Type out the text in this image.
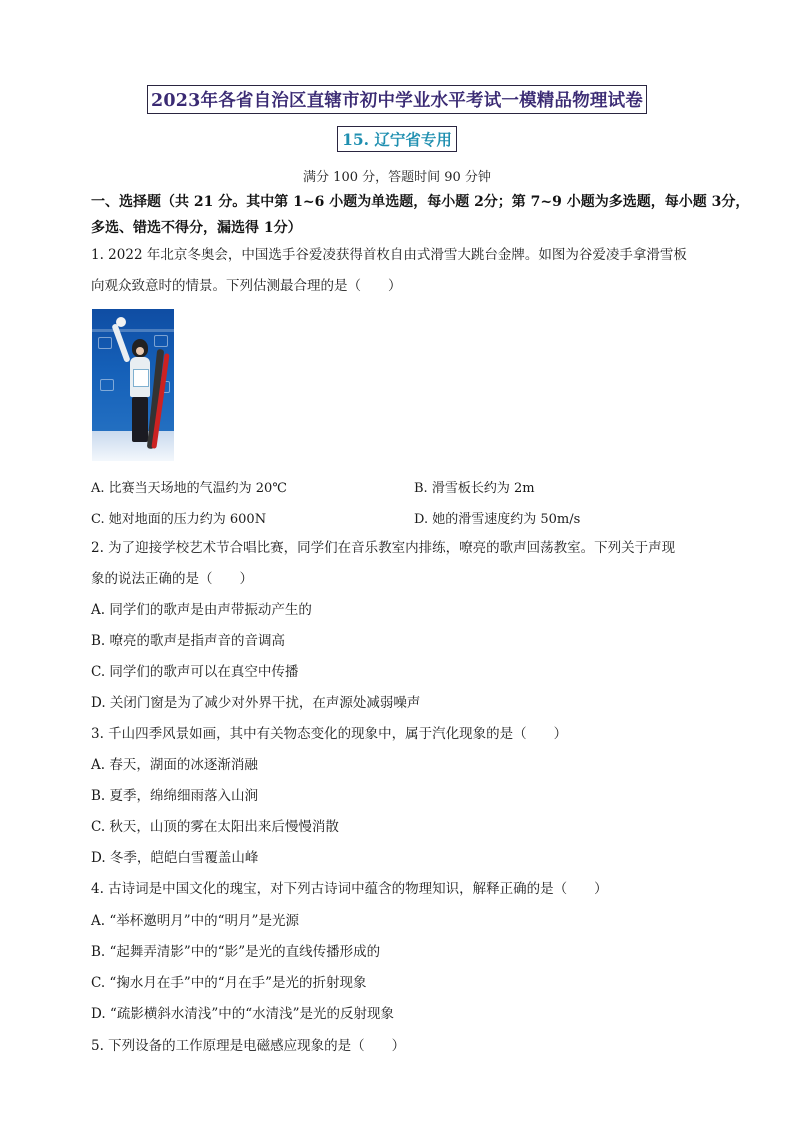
2023年各省自治区直辖市初中学业水平考试一模精品物理试卷
15. 辽宁省专用
满分 100 分，答题时间 90 分钟
一、选择题（共 21 分。其中第 1~6 小题为单选题，每小题 2分；第 7~9 小题为多选题，每小题 3分，
多选、错选不得分，漏选得 1分）
1. 2022 年北京冬奥会，中国选手谷爱凌获得首枚自由式滑雪大跳台金牌。如图为谷爱凌手拿滑雪板
向观众致意时的情景。下列估测最合理的是（　　）
A. 比赛当天场地的气温约为 20℃	B. 滑雪板长约为 2m
C. 她对地面的压力约为 600N	D. 她的滑雪速度约为 50m/s
2. 为了迎接学校艺术节合唱比赛，同学们在音乐教室内排练，嘹亮的歌声回荡教室。下列关于声现
象的说法正确的是（　　）
A. 同学们的歌声是由声带振动产生的
B. 嘹亮的歌声是指声音的音调高
C. 同学们的歌声可以在真空中传播
D. 关闭门窗是为了减少对外界干扰，在声源处减弱噪声
3. 千山四季风景如画，其中有关物态变化的现象中，属于汽化现象的是（　　）
A. 春天，湖面的冰逐渐消融
B. 夏季，绵绵细雨落入山涧
C. 秋天，山顶的雾在太阳出来后慢慢消散
D. 冬季，皑皑白雪覆盖山峰
4. 古诗词是中国文化的瑰宝，对下列古诗词中蕴含的物理知识，解释正确的是（　　）
A. “举杯邀明月”中的“明月”是光源
B. “起舞弄清影”中的“影”是光的直线传播形成的
C. “掬水月在手”中的“月在手”是光的折射现象
D. “疏影横斜水清浅”中的“水清浅”是光的反射现象
5. 下列设备的工作原理是电磁感应现象的是（　　）
